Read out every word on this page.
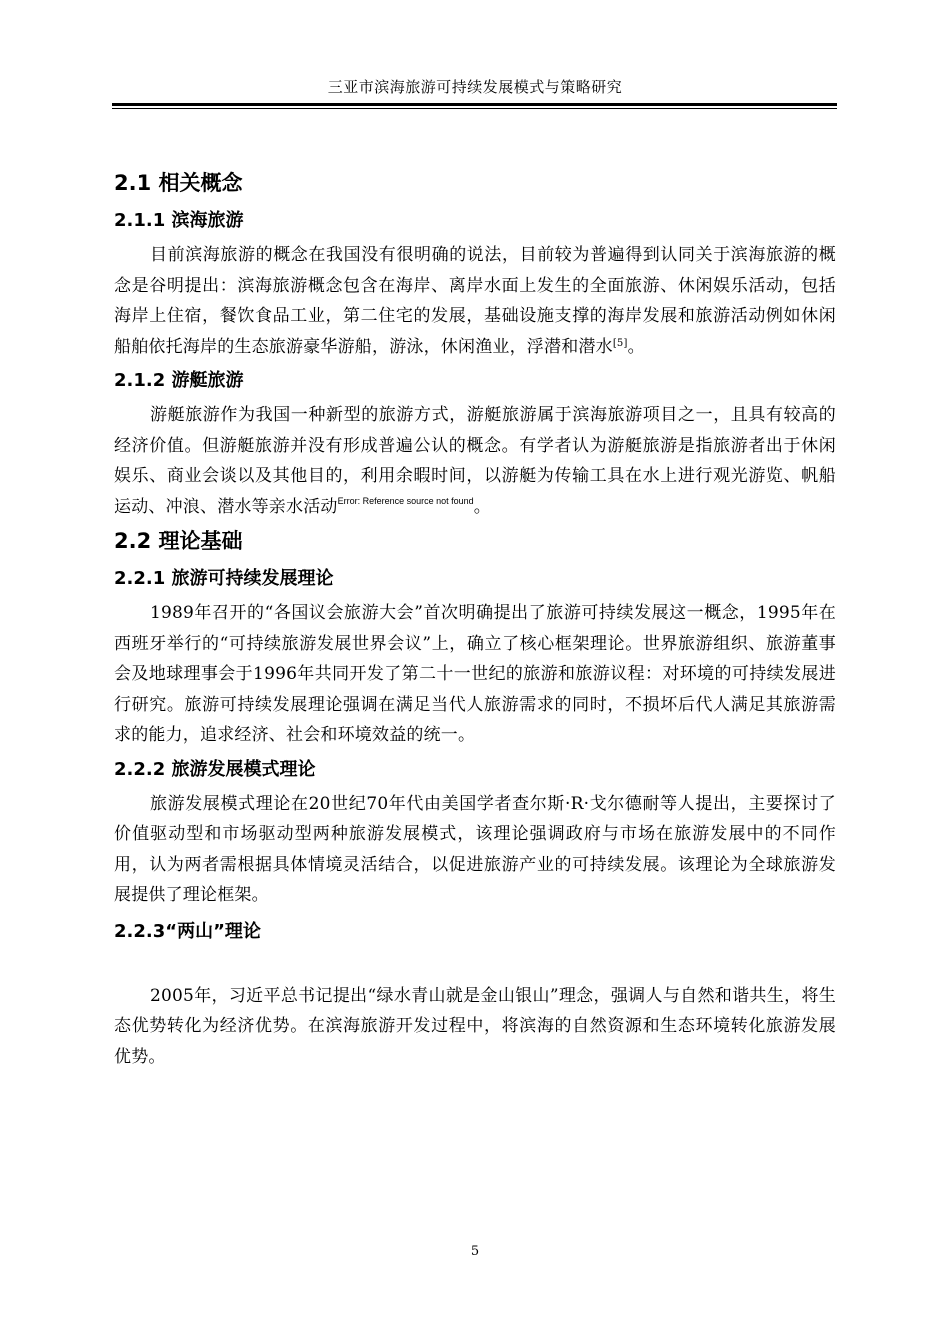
三亚市滨海旅游可持续发展模式与策略研究
2.1 相关概念
2.1.1 滨海旅游

目前滨海旅游的概念在我国没有很明确的说法，目前较为普遍得到认同关于滨海旅游的概念是谷明提出：滨海旅游概念包含在海岸、离岸水面上发生的全面旅游、休闲娱乐活动，包括海岸上住宿，餐饮食品工业，第二住宅的发展，基础设施支撑的海岸发展和旅游活动例如休闲船舶依托海岸的生态旅游豪华游船，游泳，休闲渔业，浮潜和潜水[5]。

2.1.2 游艇旅游

游艇旅游作为我国一种新型的旅游方式，游艇旅游属于滨海旅游项目之一，且具有较高的经济价值。但游艇旅游并没有形成普遍公认的概念。有学者认为游艇旅游是指旅游者出于休闲娱乐、商业会谈以及其他目的，利用余暇时间，以游艇为传输工具在水上进行观光游览、帆船运动、冲浪、潜水等亲水活动$^{Error: Reference source not found}$。

2.2 理论基础
2.2.1 旅游可持续发展理论

1989年召开的“各国议会旅游大会”首次明确提出了旅游可持续发展这一概念，1995年在西班牙举行的“可持续旅游发展世界会议”上，确立了核心框架理论。世界旅游组织、旅游董事会及地球理事会于1996年共同开发了第二十一世纪的旅游和旅游议程：对环境的可持续发展进行研究。旅游可持续发展理论强调在满足当代人旅游需求的同时，不损坏后代人满足其旅游需求的能力，追求经济、社会和环境效益的统一。

2.2.2 旅游发展模式理论

旅游发展模式理论在20世纪70年代由美国学者查尔斯·R·戈尔德耐等人提出，主要探讨了价值驱动型和市场驱动型两种旅游发展模式，该理论强调政府与市场在旅游发展中的不同作用，认为两者需根据具体情境灵活结合，以促进旅游产业的可持续发展。该理论为全球旅游发展提供了理论框架。

2.2.3“两山”理论

2005年，习近平总书记提出“绿水青山就是金山银山”理念，强调人与自然和谐共生，将生态优势转化为经济优势。在滨海旅游开发过程中，将滨海的自然资源和生态环境转化旅游发展优势。

5
